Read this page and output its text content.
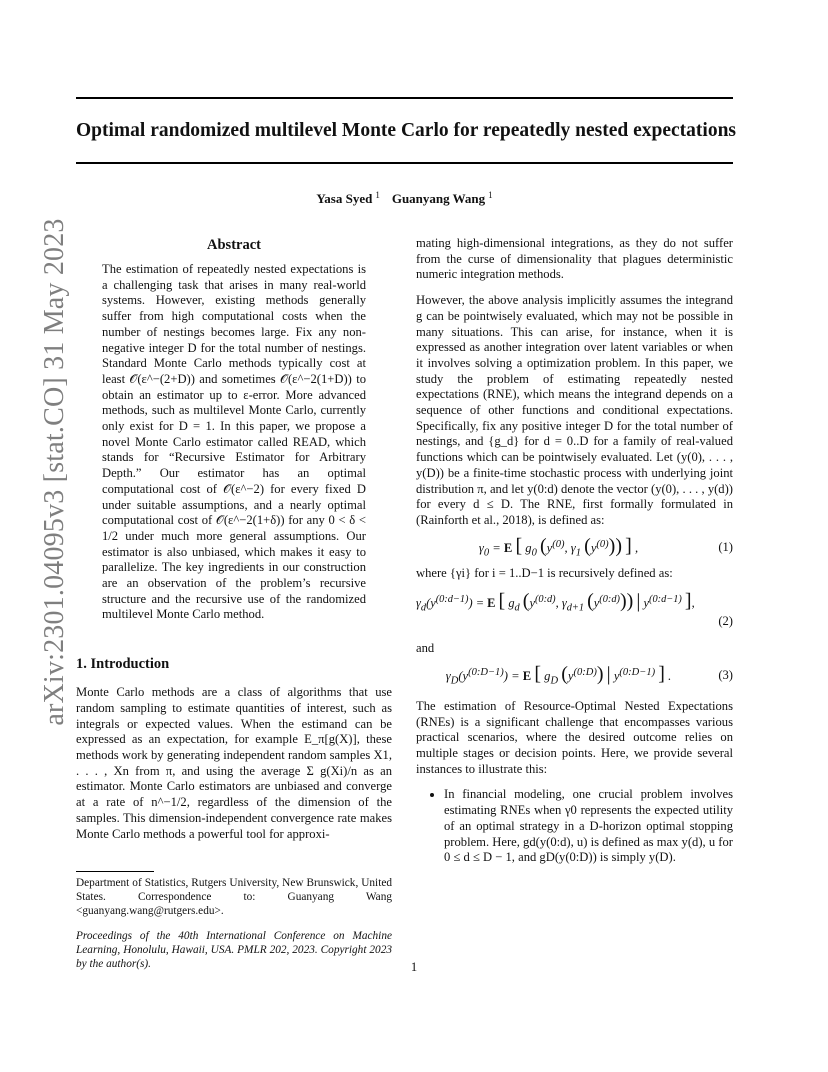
Optimal randomized multilevel Monte Carlo for repeatedly nested expectations
Yasa Syed $^1$ Guanyang Wang $^1$
arXiv:2301.04095v3 [stat.CO] 31 May 2023	Abstract

The estimation of repeatedly nested expectations is a challenging task that arises in many real-world systems. However, existing methods generally suffer from high computational costs when the number of nestings becomes large. Fix any non-negative integer D for the total number of nestings. Standard Monte Carlo methods typically cost at least 𝒪(ε^−(2+D)) and sometimes 𝒪(ε^−2(1+D)) to obtain an estimator up to ε-error. More advanced methods, such as multilevel Monte Carlo, currently only exist for D = 1. In this paper, we propose a novel Monte Carlo estimator called READ, which stands for “Recursive Estimator for Arbitrary Depth.” Our estimator has an optimal computational cost of 𝒪(ε^−2) for every fixed D under suitable assumptions, and a nearly optimal computational cost of 𝒪(ε^−2(1+δ)) for any 0 < δ < 1/2 under much more general assumptions. Our estimator is also unbiased, which makes it easy to parallelize. The key ingredients in our construction are an observation of the problem’s recursive structure and the recursive use of the randomized multilevel Monte Carlo method.

1. Introduction

Monte Carlo methods are a class of algorithms that use random sampling to estimate quantities of interest, such as integrals or expected values. When the estimand can be expressed as an expectation, for example E_π[g(X)], these methods work by generating independent random samples X1, . . . , Xn from π, and using the average Σ g(Xi)/n as an estimator. Monte Carlo estimators are unbiased and converge at a rate of n^−1/2, regardless of the dimension of the samples. This dimension-independent convergence rate makes Monte Carlo methods a powerful tool for approxi-

mating high-dimensional integrations, as they do not suffer from the curse of dimensionality that plagues deterministic numeric integration methods.

However, the above analysis implicitly assumes the integrand g can be pointwisely evaluated, which may not be possible in many situations. This can arise, for instance, when it is expressed as another integration over latent variables or when it involves solving a optimization problem. In this paper, we study the problem of estimating repeatedly nested expectations (RNE), which means the integrand depends on a sequence of other functions and conditional expectations. Specifically, fix any positive integer D for the total number of nestings, and {g_d} for d = 0..D for a family of real-valued functions which can be pointwisely evaluated. Let (y(0), . . . , y(D)) be a finite-time stochastic process with underlying joint distribution π, and let y(0:d) denote the vector (y(0), . . . , y(d)) for every d ≤ D. The RNE, first formally formulated in (Rainforth et al., 2018), is defined as:

$\gamma_0 = E$ [ $g_0$ ($y^{(0)}$, $\gamma_1$ $(y^{(0)})$) ] ,	(1)

where {γi} for i = 1..D−1 is recursively defined as:

$\gamma_d(y^{(0:d-1)}) = E$ [ $g_d$ ($y^{(0:d)}$, $\gamma_{d+1}$ $(y^{(0:d)})$) | $y^{(0:d-1)}$ ],
(2)

and

$\gamma_D(y^{(0:D-1)}) = E$ [ $g_D$ $(y^{(0:D)})$ | $y^{(0:D-1)}$ ] .	(3)

The estimation of Resource-Optimal Nested Expectations (RNEs) is a significant challenge that encompasses various practical scenarios, where the desired outcome relies on multiple stages or decision points. Here, we provide several instances to illustrate this:

• In financial modeling, one crucial problem involves estimating RNEs when γ0 represents the expected utility of an optimal strategy in a D-horizon optimal stopping problem. Here, gd(y(0:d), u) is defined as max y(d), u for 0 ≤ d ≤ D − 1, and gD(y(0:D)) is simply y(D).

Department of Statistics, Rutgers University, New Brunswick, United States. Correspondence to: Guanyang Wang <guanyang.wang@rutgers.edu>.

Proceedings of the 40th International Conference on Machine Learning, Honolulu, Hawaii, USA. PMLR 202, 2023. Copyright 2023 by the author(s).	1
